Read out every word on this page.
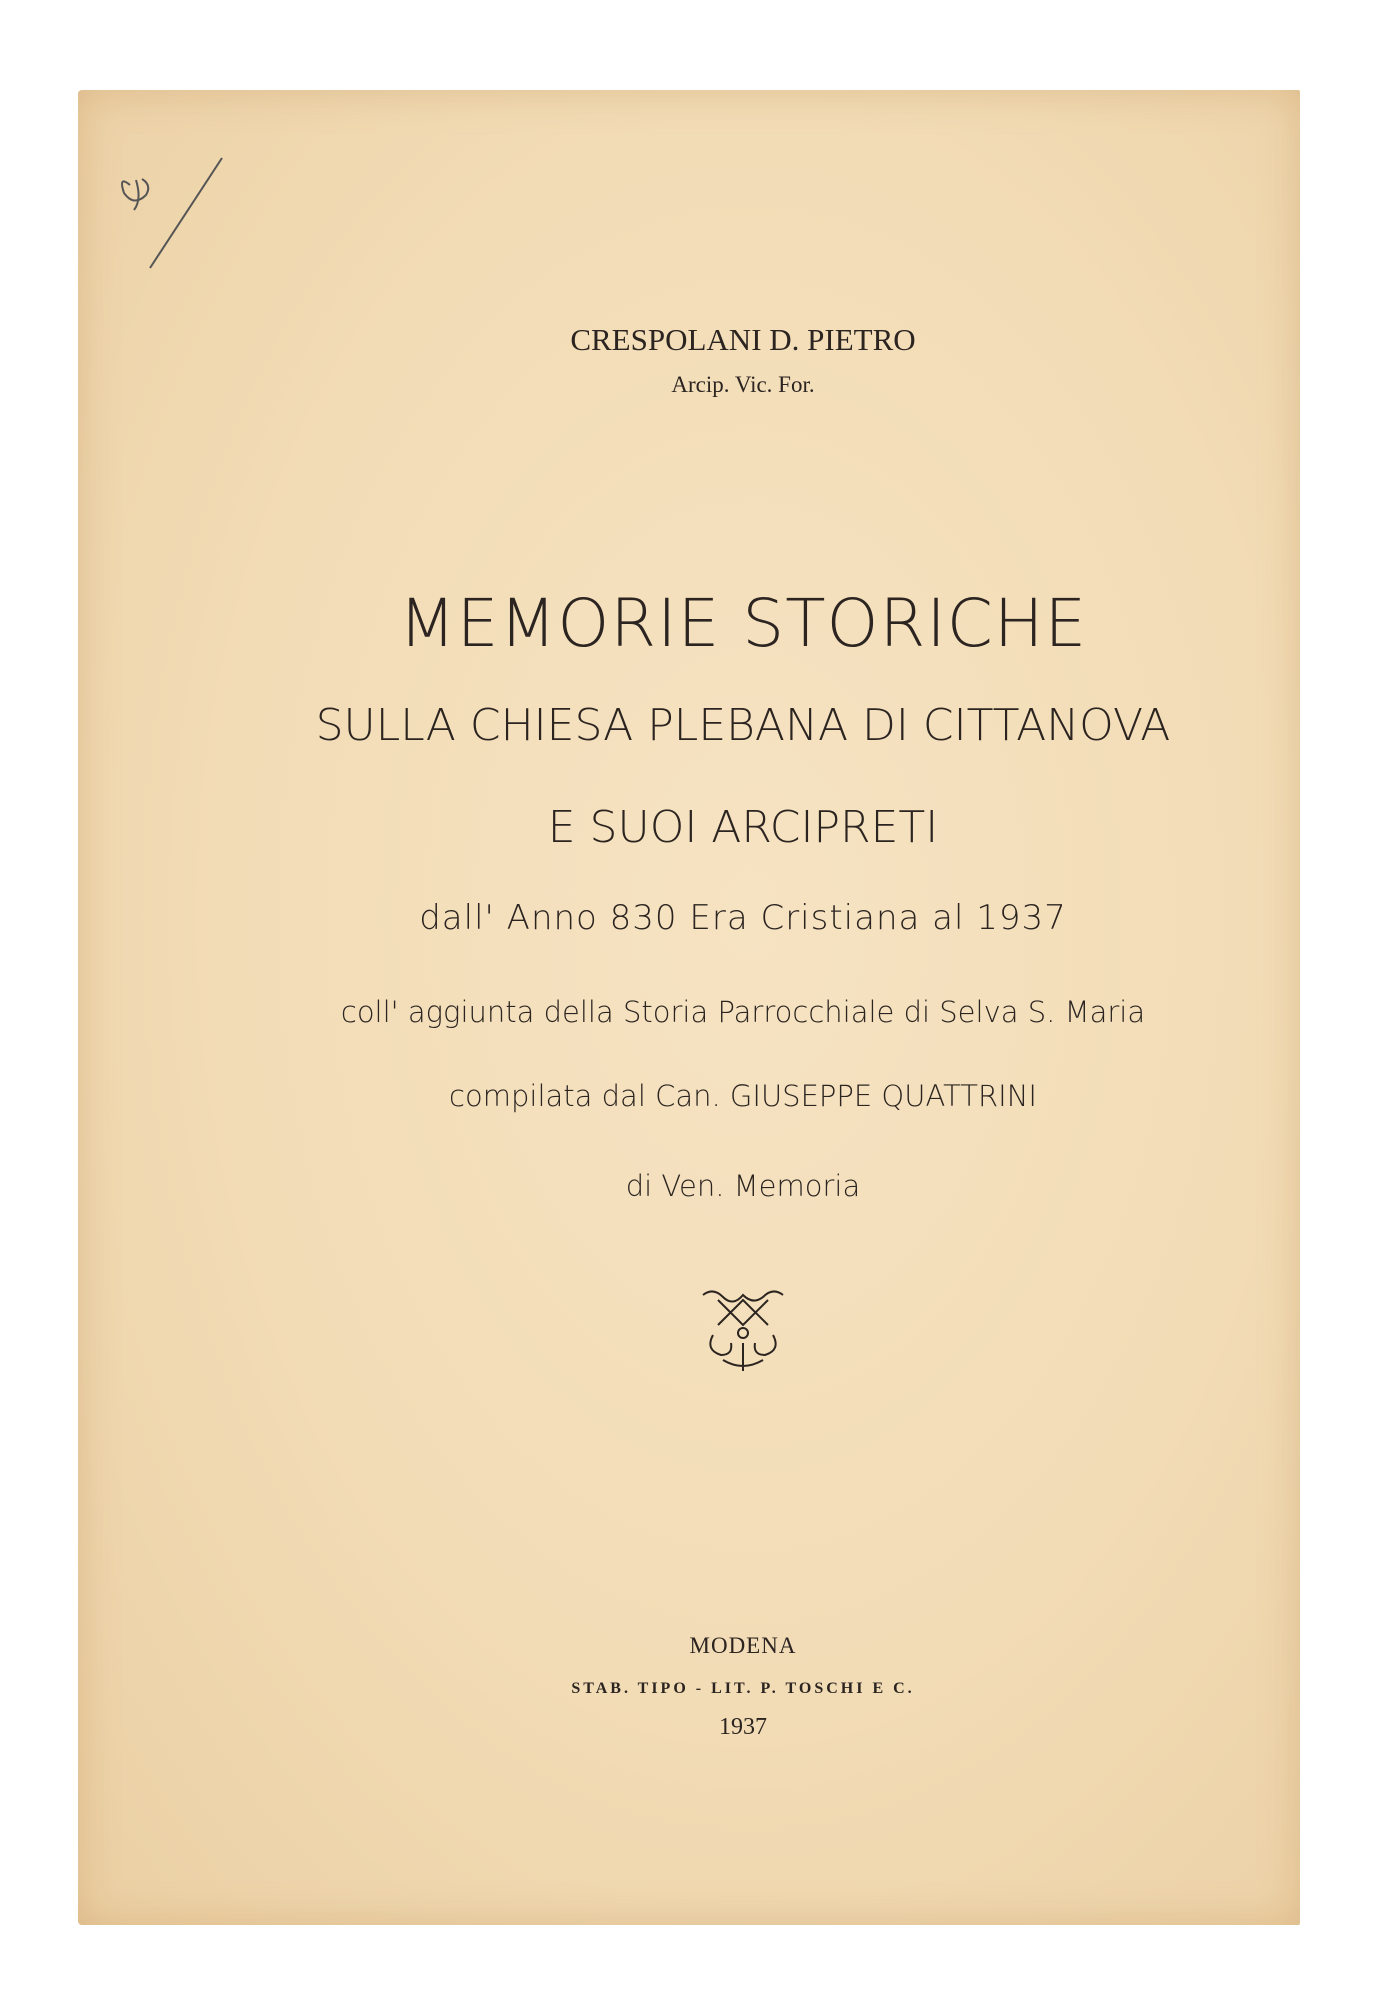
CRESPOLANI D. PIETRO
Arcip. Vic. For.
MEMORIE STORICHE
SULLA CHIESA PLEBANA DI CITTANOVA
E SUOI ARCIPRETI
dall' Anno 830 Era Cristiana al 1937
coll' aggiunta della Storia Parrocchiale di Selva S. Maria
compilata dal Can. GIUSEPPE QUATTRINI
di Ven. Memoria
MODENA
STAB. TIPO - LIT. P. TOSCHI E C.
1937
